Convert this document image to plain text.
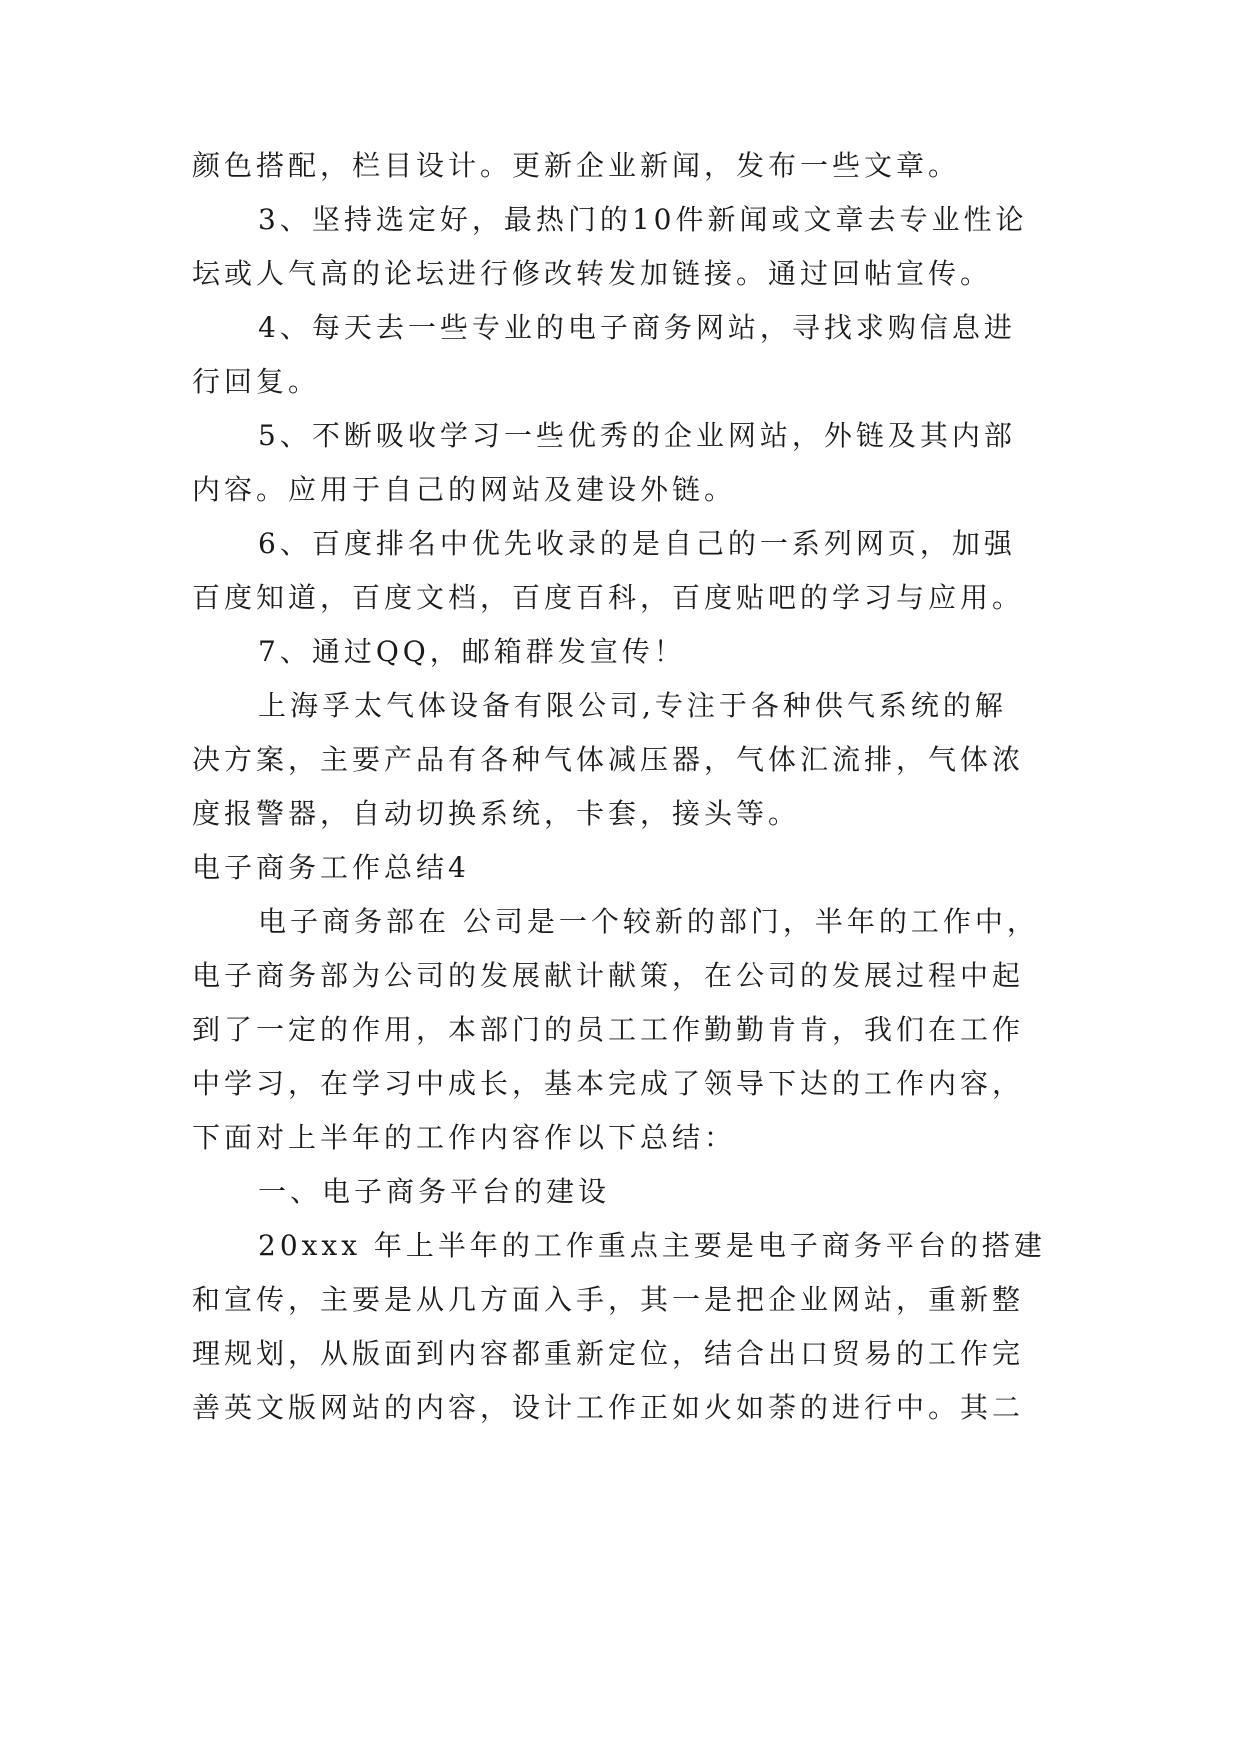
颜色搭配，栏目设计。更新企业新闻，发布一些文章。
3、坚持选定好，最热门的10件新闻或文章去专业性论
坛或人气高的论坛进行修改转发加链接。通过回帖宣传。
4、每天去一些专业的电子商务网站，寻找求购信息进
行回复。
5、不断吸收学习一些优秀的企业网站，外链及其内部
内容。应用于自己的网站及建设外链。
6、百度排名中优先收录的是自己的一系列网页，加强
百度知道，百度文档，百度百科，百度贴吧的学习与应用。
7、通过QQ，邮箱群发宣传！
上海孚太气体设备有限公司,专注于各种供气系统的解
决方案，主要产品有各种气体减压器，气体汇流排，气体浓
度报警器，自动切换系统，卡套，接头等。
电子商务工作总结4
电子商务部在 公司是一个较新的部门，半年的工作中，
电子商务部为公司的发展献计献策，在公司的发展过程中起
到了一定的作用，本部门的员工工作勤勤肯肯，我们在工作
中学习，在学习中成长，基本完成了领导下达的工作内容，
下面对上半年的工作内容作以下总结：
一、电子商务平台的建设
20xxx 年上半年的工作重点主要是电子商务平台的搭建
和宣传，主要是从几方面入手，其一是把企业网站，重新整
理规划，从版面到内容都重新定位，结合出口贸易的工作完
善英文版网站的内容，设计工作正如火如荼的进行中。其二
